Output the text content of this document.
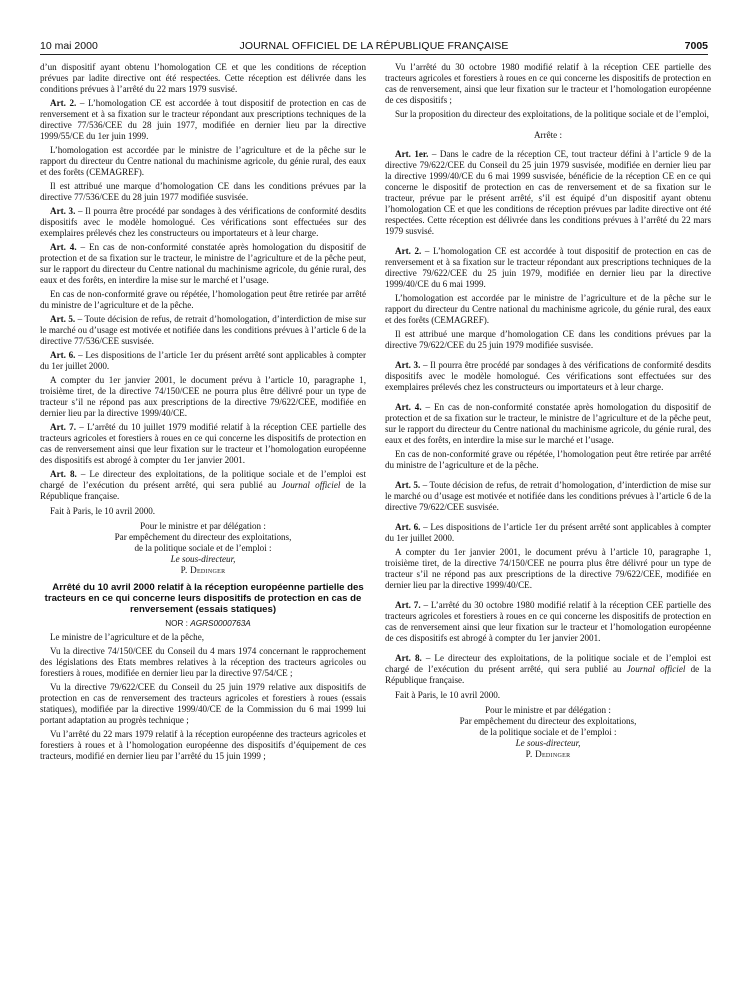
10 mai 2000	JOURNAL OFFICIEL DE LA RÉPUBLIQUE FRANÇAISE	7005

d’un dispositif ayant obtenu l’homologation CE et que les conditions de réception prévues par ladite directive ont été respectées. Cette réception est délivrée dans les conditions prévues à l’arrêté du 22 mars 1979 susvisé.

Art. 2. – L’homologation CE est accordée à tout dispositif de protection en cas de renversement et à sa fixation sur le tracteur répondant aux prescriptions techniques de la directive 77/536/CEE du 28 juin 1977, modifiée en dernier lieu par la directive 1999/55/CE du 1er juin 1999.

L’homologation est accordée par le ministre de l’agriculture et de la pêche sur le rapport du directeur du Centre national du machinisme agricole, du génie rural, des eaux et des forêts (CEMAGREF).

Il est attribué une marque d’homologation CE dans les conditions prévues par la directive 77/536/CEE du 28 juin 1977 modifiée susvisée.

Art. 3. – Il pourra être procédé par sondages à des vérifications de conformité desdits dispositifs avec le modèle homologué. Ces vérifications sont effectuées sur des exemplaires prélevés chez les constructeurs ou importateurs et à leur charge.

Art. 4. – En cas de non-conformité constatée après homologation du dispositif de protection et de sa fixation sur le tracteur, le ministre de l’agriculture et de la pêche peut, sur le rapport du directeur du Centre national du machinisme agricole, du génie rural, des eaux et des forêts, en interdire la mise sur le marché et l’usage.

En cas de non-conformité grave ou répétée, l’homologation peut être retirée par arrêté du ministre de l’agriculture et de la pêche.

Art. 5. – Toute décision de refus, de retrait d’homologation, d’interdiction de mise sur le marché ou d’usage est motivée et notifiée dans les conditions prévues à l’article 6 de la directive 77/536/CEE susvisée.

Art. 6. – Les dispositions de l’article 1er du présent arrêté sont applicables à compter du 1er juillet 2000.

A compter du 1er janvier 2001, le document prévu à l’article 10, paragraphe 1, troisième tiret, de la directive 74/150/CEE ne pourra plus être délivré pour un type de tracteur s’il ne répond pas aux prescriptions de la directive 79/622/CEE, modifiée en dernier lieu par la directive 1999/40/CE.

Art. 7. – L’arrêté du 10 juillet 1979 modifié relatif à la réception CEE partielle des tracteurs agricoles et forestiers à roues en ce qui concerne les dispositifs de protection en cas de renversement ainsi que leur fixation sur le tracteur et l’homologation européenne des dispositifs est abrogé à compter du 1er janvier 2001.

Art. 8. – Le directeur des exploitations, de la politique sociale et de l’emploi est chargé de l’exécution du présent arrêté, qui sera publié au Journal officiel de la République française.

Fait à Paris, le 10 avril 2000.

Pour le ministre et par délégation :

Par empêchement du directeur des exploitations,

de la politique sociale et de l’emploi :

Le sous-directeur,

P. Dedinger

Arrêté du 10 avril 2000 relatif à la réception européenne partielle des tracteurs en ce qui concerne leurs dispositifs de protection en cas de renversement (essais statiques)

NOR : AGRS0000763A

Le ministre de l’agriculture et de la pêche,

Vu la directive 74/150/CEE du Conseil du 4 mars 1974 concernant le rapprochement des législations des Etats membres relatives à la réception des tracteurs agricoles ou forestiers à roues, modifiée en dernier lieu par la directive 97/54/CE ;

Vu la directive 79/622/CEE du Conseil du 25 juin 1979 relative aux dispositifs de protection en cas de renversement des tracteurs agricoles et forestiers à roues (essais statiques), modifiée par la directive 1999/40/CE de la Commission du 6 mai 1999 lui portant adaptation au progrès technique ;

Vu l’arrêté du 22 mars 1979 relatif à la réception européenne des tracteurs agricoles et forestiers à roues et à l’homologation européenne des dispositifs d’équipement de ces tracteurs, modifié en dernier lieu par l’arrêté du 15 juin 1999 ;

Vu l’arrêté du 30 octobre 1980 modifié relatif à la réception CEE partielle des tracteurs agricoles et forestiers à roues en ce qui concerne les dispositifs de protection en cas de renversement, ainsi que leur fixation sur le tracteur et l’homologation européenne de ces dispositifs ;

Sur la proposition du directeur des exploitations, de la politique sociale et de l’emploi,

Arrête :

Art. 1er. – Dans le cadre de la réception CE, tout tracteur défini à l’article 9 de la directive 79/622/CEE du Conseil du 25 juin 1979 susvisée, modifiée en dernier lieu par la directive 1999/40/CE du 6 mai 1999 susvisée, bénéficie de la réception CE en ce qui concerne le dispositif de protection en cas de renversement et de sa fixation sur le tracteur, prévue par le présent arrêté, s’il est équipé d’un dispositif ayant obtenu l’homologation CE et que les conditions de réception prévues par ladite directive ont été respectées. Cette réception est délivrée dans les conditions prévues à l’arrêté du 22 mars 1979 susvisé.

Art. 2. – L’homologation CE est accordée à tout dispositif de protection en cas de renversement et à sa fixation sur le tracteur répondant aux prescriptions techniques de la directive 79/622/CEE du 25 juin 1979, modifiée en dernier lieu par la directive 1999/40/CE du 6 mai 1999.

L’homologation est accordée par le ministre de l’agriculture et de la pêche sur le rapport du directeur du Centre national du machinisme agricole, du génie rural, des eaux et des forêts (CEMAGREF).

Il est attribué une marque d’homologation CE dans les conditions prévues par la directive 79/622/CEE du 25 juin 1979 modifiée susvisée.

Art. 3. – Il pourra être procédé par sondages à des vérifications de conformité desdits dispositifs avec le modèle homologué. Ces vérifications sont effectuées sur des exemplaires prélevés chez les constructeurs ou importateurs et à leur charge.

Art. 4. – En cas de non-conformité constatée après homologation du dispositif de protection et de sa fixation sur le tracteur, le ministre de l’agriculture et de la pêche peut, sur le rapport du directeur du Centre national du machinisme agricole, du génie rural, des eaux et des forêts, en interdire la mise sur le marché et l’usage.

En cas de non-conformité grave ou répétée, l’homologation peut être retirée par arrêté du ministre de l’agriculture et de la pêche.

Art. 5. – Toute décision de refus, de retrait d’homologation, d’interdiction de mise sur le marché ou d’usage est motivée et notifiée dans les conditions prévues à l’article 6 de la directive 79/622/CEE susvisée.

Art. 6. – Les dispositions de l’article 1er du présent arrêté sont applicables à compter du 1er juillet 2000.

A compter du 1er janvier 2001, le document prévu à l’article 10, paragraphe 1, troisième tiret, de la directive 74/150/CEE ne pourra plus être délivré pour un type de tracteur s’il ne répond pas aux prescriptions de la directive 79/622/CEE, modifiée en dernier lieu par la directive 1999/40/CE.

Art. 7. – L’arrêté du 30 octobre 1980 modifié relatif à la réception CEE partielle des tracteurs agricoles et forestiers à roues en ce qui concerne les dispositifs de protection en cas de renversement ainsi que leur fixation sur le tracteur et l’homologation européenne de ces dispositifs est abrogé à compter du 1er janvier 2001.

Art. 8. – Le directeur des exploitations, de la politique sociale et de l’emploi est chargé de l’exécution du présent arrêté, qui sera publié au Journal officiel de la République française.

Fait à Paris, le 10 avril 2000.

Pour le ministre et par délégation :

Par empêchement du directeur des exploitations,

de la politique sociale et de l’emploi :

Le sous-directeur,

P. Dedinger
